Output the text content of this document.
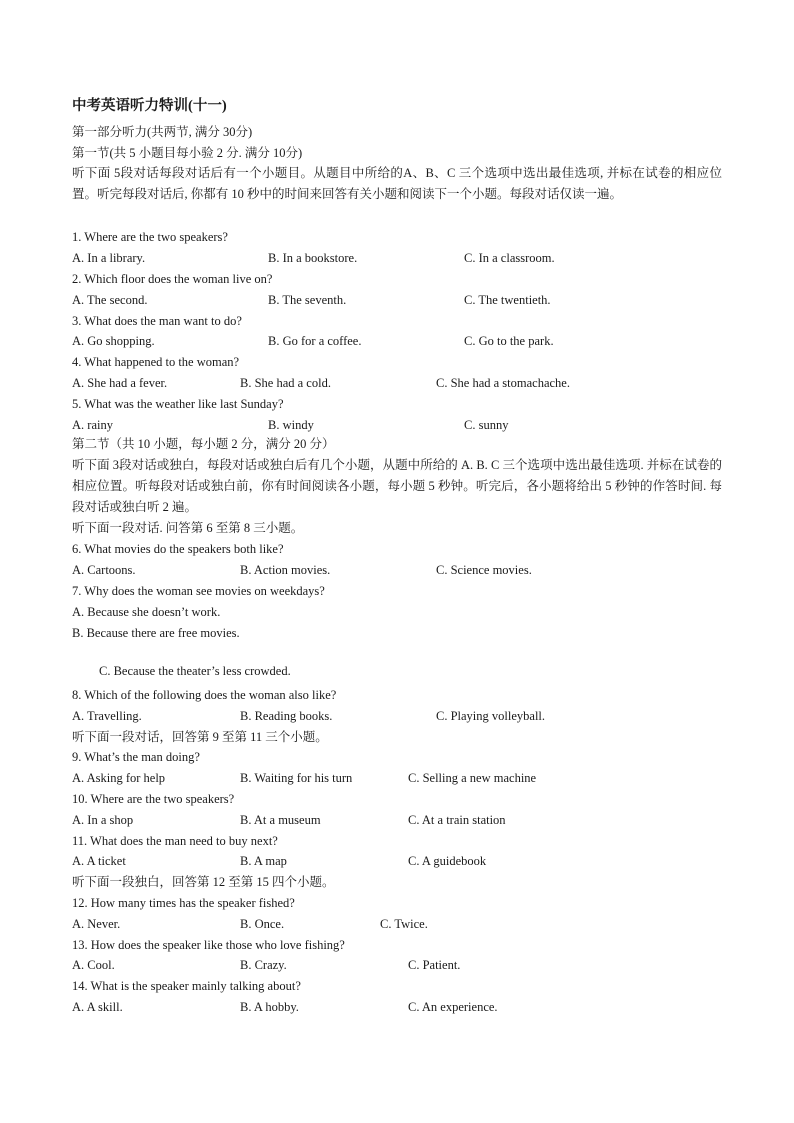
中考英语听力特训(十一)
第一部分听力(共两节, 满分 30分)
第一节(共 5 小题目每小验 2 分. 满分 10分)
听下面 5段对话每段对话后有一个小题目。从题目中所给的A、B、C 三个选项中选出最佳选项, 并标在试卷的相应位置。听完每段对话后, 你都有 10 秒中的时间来回答有关小题和阅读下一个小题。每段对话仅读一遍。
1. Where are the two speakers?
A. In a library.	B. In a bookstore.	C. In a classroom.
2. Which floor does the woman live on?
A. The second.	B. The seventh.	C. The twentieth.
3. What does the man want to do?
A. Go shopping.	B. Go for a coffee.	C. Go to the park.
4. What happened to the woman?
A. She had a fever.	B. She had a cold.	C. She had a stomachache.
5. What was the weather like last Sunday?
A. rainy	B. windy	C. sunny
第二节（共 10 小题，每小题 2 分，满分 20 分）
听下面 3段对话或独白，每段对话或独白后有几个小题，从题中所给的 A. B. C 三个选项中选出最佳选项. 并标在试卷的相应位置。听每段对话或独白前，你有时间阅读各小题，每小题 5 秒钟。听完后，各小题将给出 5 秒钟的作答时间. 每段对话或独白听 2 遍。
听下面一段对话. 问答第 6 至第 8 三小题。
6. What movies do the speakers both like?
A. Cartoons.	B. Action movies.	C. Science movies.
7. Why does the woman see movies on weekdays?
A. Because she doesn’t work.
B. Because there are free movies.
C. Because the theater’s less crowded.
8. Which of the following does the woman also like?
A. Travelling.	B. Reading books.	C. Playing volleyball.
听下面一段对话，回答第 9 至第 11 三个小题。
9. What’s the man doing?
A. Asking for help	B. Waiting for his turn	C. Selling a new machine
10. Where are the two speakers?
A. In a shop	B. At a museum	C. At a train station
11. What does the man need to buy next?
A. A ticket	B. A map	C. A guidebook
听下面一段独白，回答第 12 至第 15 四个小题。
12. How many times has the speaker fished?
A. Never.	B. Once.	C. Twice.
13. How does the speaker like those who love fishing?
A. Cool.	B. Crazy.	C. Patient.
14. What is the speaker mainly talking about?
A. A skill.	B. A hobby.	C. An experience.
